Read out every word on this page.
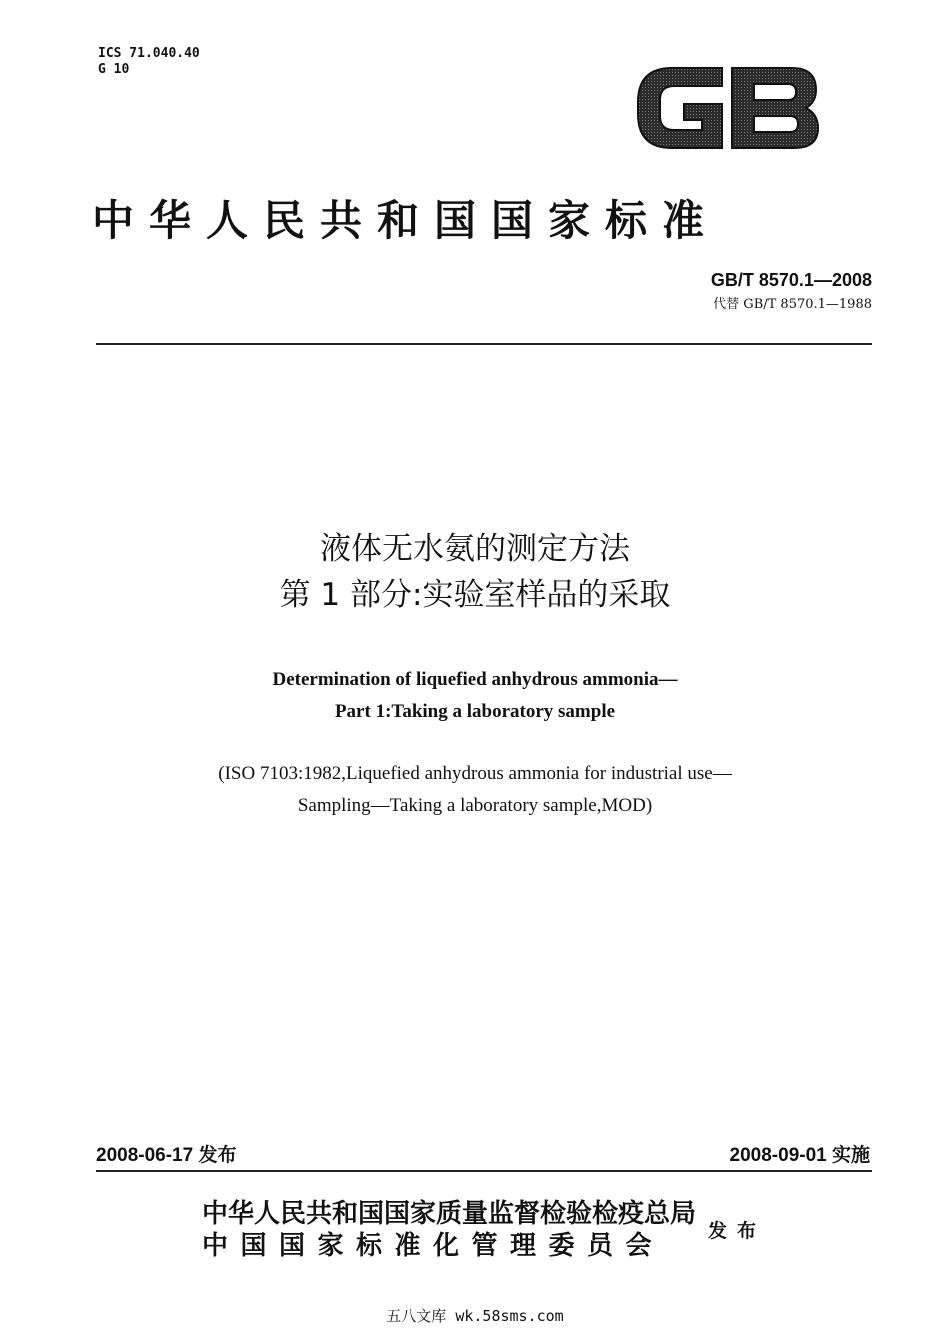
ICS 71.040.40
G 10
中华人民共和国国家标准
GB/T 8570.1—2008
代替 GB/T 8570.1—1988
液体无水氨的测定方法
第 1 部分:实验室样品的采取
Determination of liquefied anhydrous ammonia—
Part 1:Taking a laboratory sample
(ISO 7103:1982,Liquefied anhydrous ammonia for industrial use—
Sampling—Taking a laboratory sample,MOD)
2008-06-17 发布	2008-09-01 实施
中华人民共和国国家质量监督检验检疫总局
中国国家标准化管理委员会	发布
五八文库 wk.58sms.com
